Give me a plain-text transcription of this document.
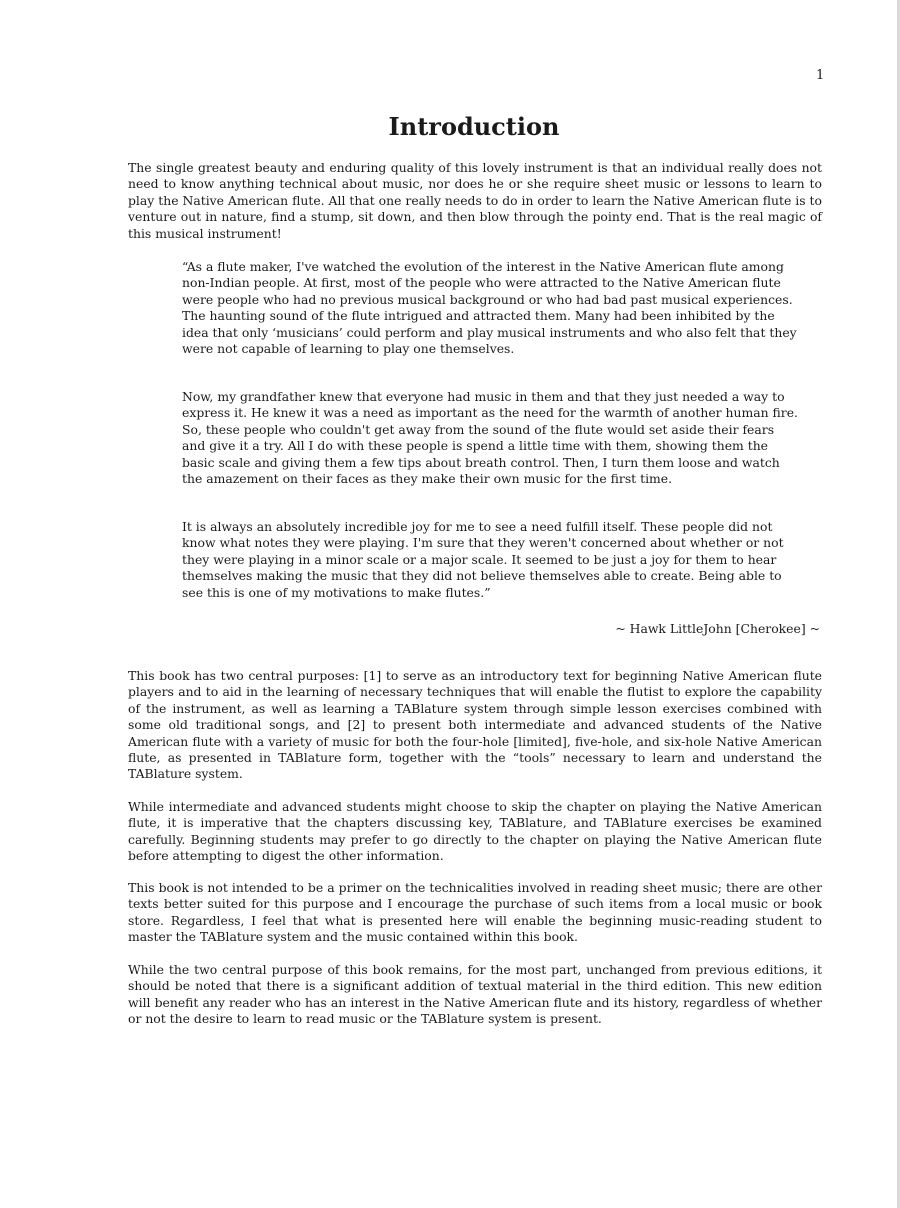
1
Introduction

The single greatest beauty and enduring quality of this lovely instrument is that an individual really does not need to know anything technical about music, nor does he or she require sheet music or lessons to learn to play the Native American flute. All that one really needs to do in order to learn the Native American flute is to venture out in nature, find a stump, sit down, and then blow through the pointy end. That is the real magic of this musical instrument!

“As a flute maker, I've watched the evolution of the interest in the Native American flute among non-Indian people. At first, most of the people who were attracted to the Native American flute were people who had no previous musical background or who had bad past musical experiences. The haunting sound of the flute intrigued and attracted them. Many had been inhibited by the idea that only ‘musicians’ could perform and play musical instruments and who also felt that they were not capable of learning to play one themselves.

Now, my grandfather knew that everyone had music in them and that they just needed a way to express it. He knew it was a need as important as the need for the warmth of another human fire. So, these people who couldn't get away from the sound of the flute would set aside their fears and give it a try. All I do with these people is spend a little time with them, showing them the basic scale and giving them a few tips about breath control. Then, I turn them loose and watch the amazement on their faces as they make their own music for the first time.

It is always an absolutely incredible joy for me to see a need fulfill itself. These people did not know what notes they were playing. I'm sure that they weren't concerned about whether or not they were playing in a minor scale or a major scale. It seemed to be just a joy for them to hear themselves making the music that they did not believe themselves able to create. Being able to see this is one of my motivations to make flutes.”

~ Hawk LittleJohn [Cherokee] ~

This book has two central purposes: [1] to serve as an introductory text for beginning Native American flute players and to aid in the learning of necessary techniques that will enable the flutist to explore the capability of the instrument, as well as learning a TABlature system through simple lesson exercises combined with some old traditional songs, and [2] to present both intermediate and advanced students of the Native American flute with a variety of music for both the four-hole [limited], five-hole, and six-hole Native American flute, as presented in TABlature form, together with the “tools” necessary to learn and understand the TABlature system.

While intermediate and advanced students might choose to skip the chapter on playing the Native American flute, it is imperative that the chapters discussing key, TABlature, and TABlature exercises be examined carefully. Beginning students may prefer to go directly to the chapter on playing the Native American flute before attempting to digest the other information.

This book is not intended to be a primer on the technicalities involved in reading sheet music; there are other texts better suited for this purpose and I encourage the purchase of such items from a local music or book store. Regardless, I feel that what is presented here will enable the beginning music-reading student to master the TABlature system and the music contained within this book.

While the two central purpose of this book remains, for the most part, unchanged from previous editions, it should be noted that there is a significant addition of textual material in the third edition. This new edition will benefit any reader who has an interest in the Native American flute and its history, regardless of whether or not the desire to learn to read music or the TABlature system is present.
